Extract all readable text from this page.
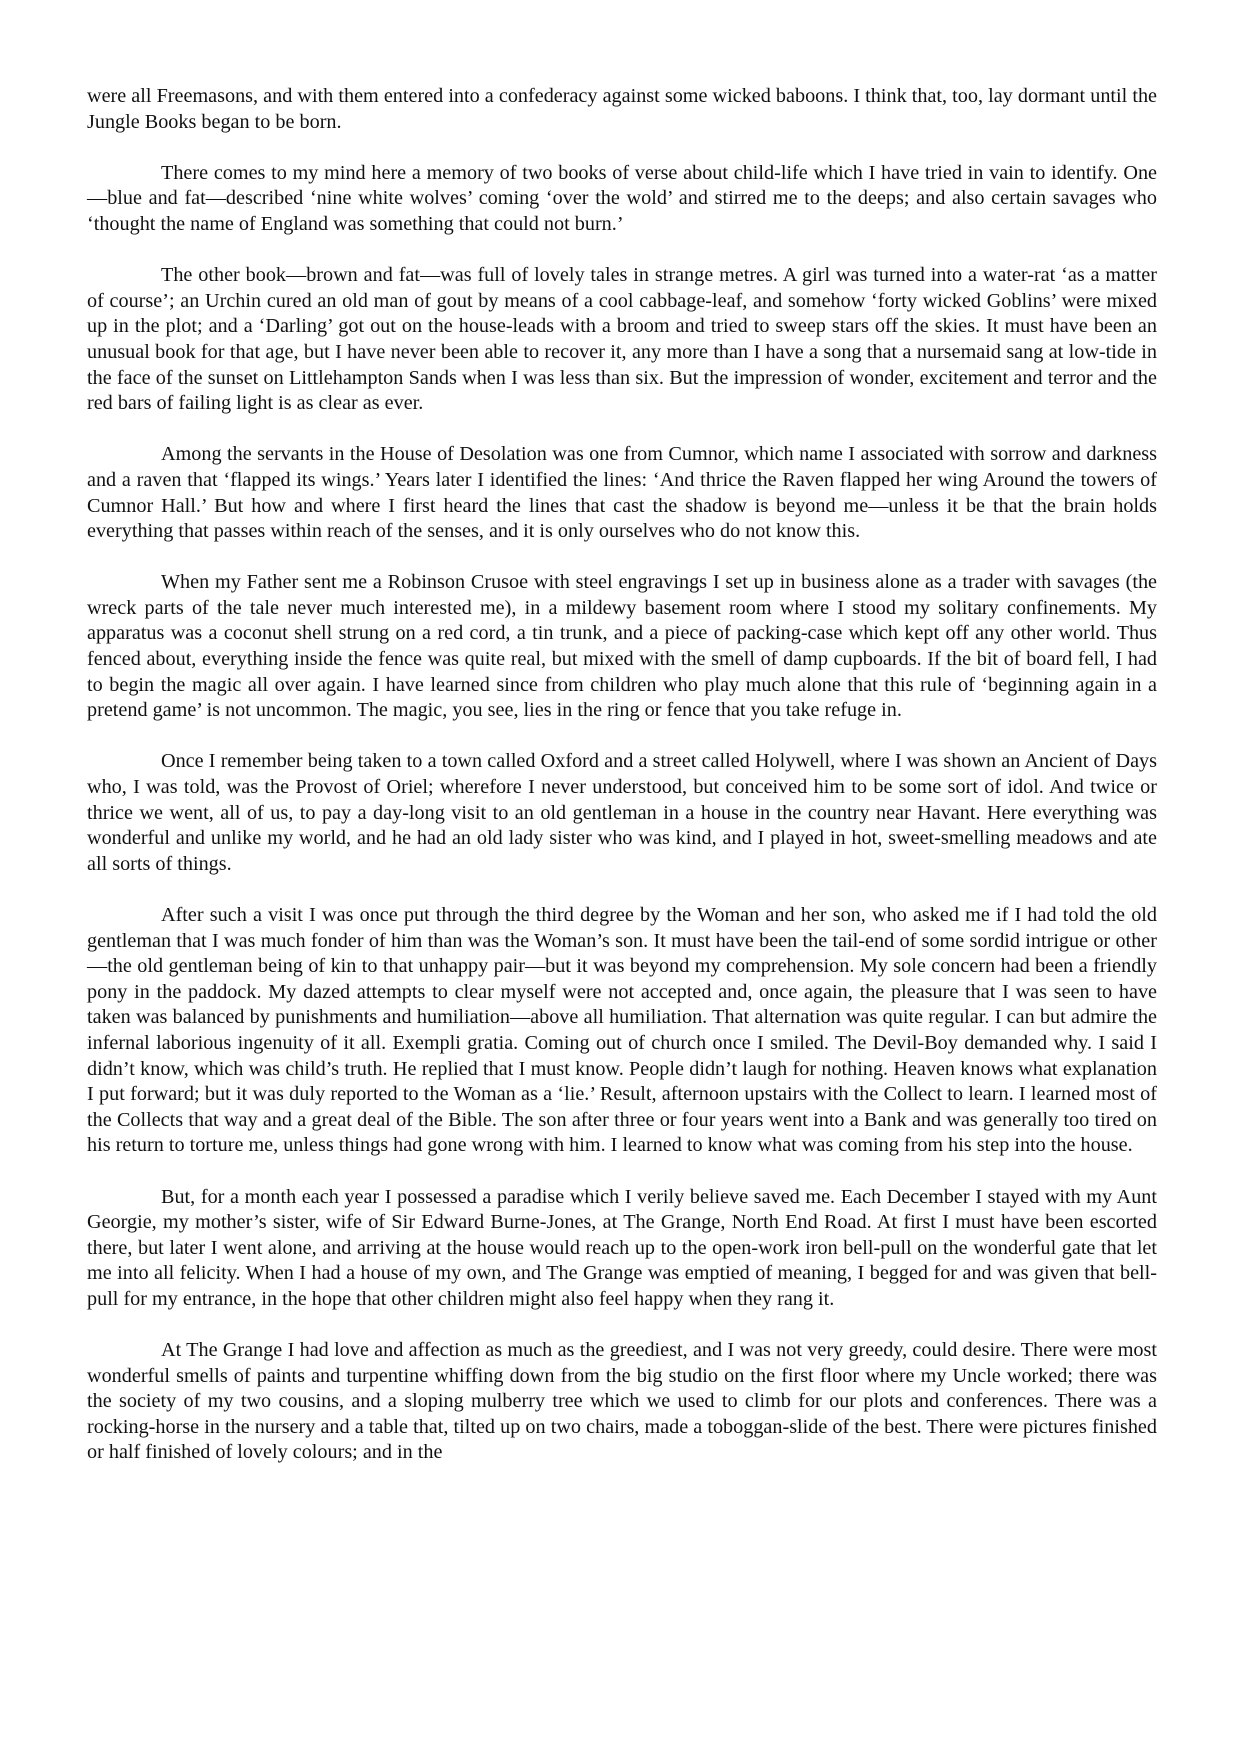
were all Freemasons, and with them entered into a confederacy against some wicked baboons. I think that, too, lay dormant until the Jungle Books began to be born.

There comes to my mind here a memory of two books of verse about child-life which I have tried in vain to identify. One—blue and fat—described ‘nine white wolves’ coming ‘over the wold’ and stirred me to the deeps; and also certain savages who ‘thought the name of England was something that could not burn.’

The other book—brown and fat—was full of lovely tales in strange metres. A girl was turned into a water-rat ‘as a matter of course’; an Urchin cured an old man of gout by means of a cool cabbage-leaf, and somehow ‘forty wicked Goblins’ were mixed up in the plot; and a ‘Darling’ got out on the house-leads with a broom and tried to sweep stars off the skies. It must have been an unusual book for that age, but I have never been able to recover it, any more than I have a song that a nursemaid sang at low-tide in the face of the sunset on Littlehampton Sands when I was less than six. But the impression of wonder, excitement and terror and the red bars of failing light is as clear as ever.

Among the servants in the House of Desolation was one from Cumnor, which name I associated with sorrow and darkness and a raven that ‘flapped its wings.’ Years later I identified the lines: ‘And thrice the Raven flapped her wing Around the towers of Cumnor Hall.’ But how and where I first heard the lines that cast the shadow is beyond me—unless it be that the brain holds everything that passes within reach of the senses, and it is only ourselves who do not know this.

When my Father sent me a Robinson Crusoe with steel engravings I set up in business alone as a trader with savages (the wreck parts of the tale never much interested me), in a mildewy basement room where I stood my solitary confinements. My apparatus was a coconut shell strung on a red cord, a tin trunk, and a piece of packing-case which kept off any other world. Thus fenced about, everything inside the fence was quite real, but mixed with the smell of damp cupboards. If the bit of board fell, I had to begin the magic all over again. I have learned since from children who play much alone that this rule of ‘beginning again in a pretend game’ is not uncommon. The magic, you see, lies in the ring or fence that you take refuge in.

Once I remember being taken to a town called Oxford and a street called Holywell, where I was shown an Ancient of Days who, I was told, was the Provost of Oriel; wherefore I never understood, but conceived him to be some sort of idol. And twice or thrice we went, all of us, to pay a day-long visit to an old gentleman in a house in the country near Havant. Here everything was wonderful and unlike my world, and he had an old lady sister who was kind, and I played in hot, sweet-smelling meadows and ate all sorts of things.

After such a visit I was once put through the third degree by the Woman and her son, who asked me if I had told the old gentleman that I was much fonder of him than was the Woman’s son. It must have been the tail-end of some sordid intrigue or other—the old gentleman being of kin to that unhappy pair—but it was beyond my comprehension. My sole concern had been a friendly pony in the paddock. My dazed attempts to clear myself were not accepted and, once again, the pleasure that I was seen to have taken was balanced by punishments and humiliation—above all humiliation. That alternation was quite regular. I can but admire the infernal laborious ingenuity of it all. Exempli gratia. Coming out of church once I smiled. The Devil-Boy demanded why. I said I didn’t know, which was child’s truth. He replied that I must know. People didn’t laugh for nothing. Heaven knows what explanation I put forward; but it was duly reported to the Woman as a ‘lie.’ Result, afternoon upstairs with the Collect to learn. I learned most of the Collects that way and a great deal of the Bible. The son after three or four years went into a Bank and was generally too tired on his return to torture me, unless things had gone wrong with him. I learned to know what was coming from his step into the house.

But, for a month each year I possessed a paradise which I verily believe saved me. Each December I stayed with my Aunt Georgie, my mother’s sister, wife of Sir Edward Burne-Jones, at The Grange, North End Road. At first I must have been escorted there, but later I went alone, and arriving at the house would reach up to the open-work iron bell-pull on the wonderful gate that let me into all felicity. When I had a house of my own, and The Grange was emptied of meaning, I begged for and was given that bell-pull for my entrance, in the hope that other children might also feel happy when they rang it.

At The Grange I had love and affection as much as the greediest, and I was not very greedy, could desire. There were most wonderful smells of paints and turpentine whiffing down from the big studio on the first floor where my Uncle worked; there was the society of my two cousins, and a sloping mulberry tree which we used to climb for our plots and conferences. There was a rocking-horse in the nursery and a table that, tilted up on two chairs, made a toboggan-slide of the best. There were pictures finished or half finished of lovely colours; and in the
